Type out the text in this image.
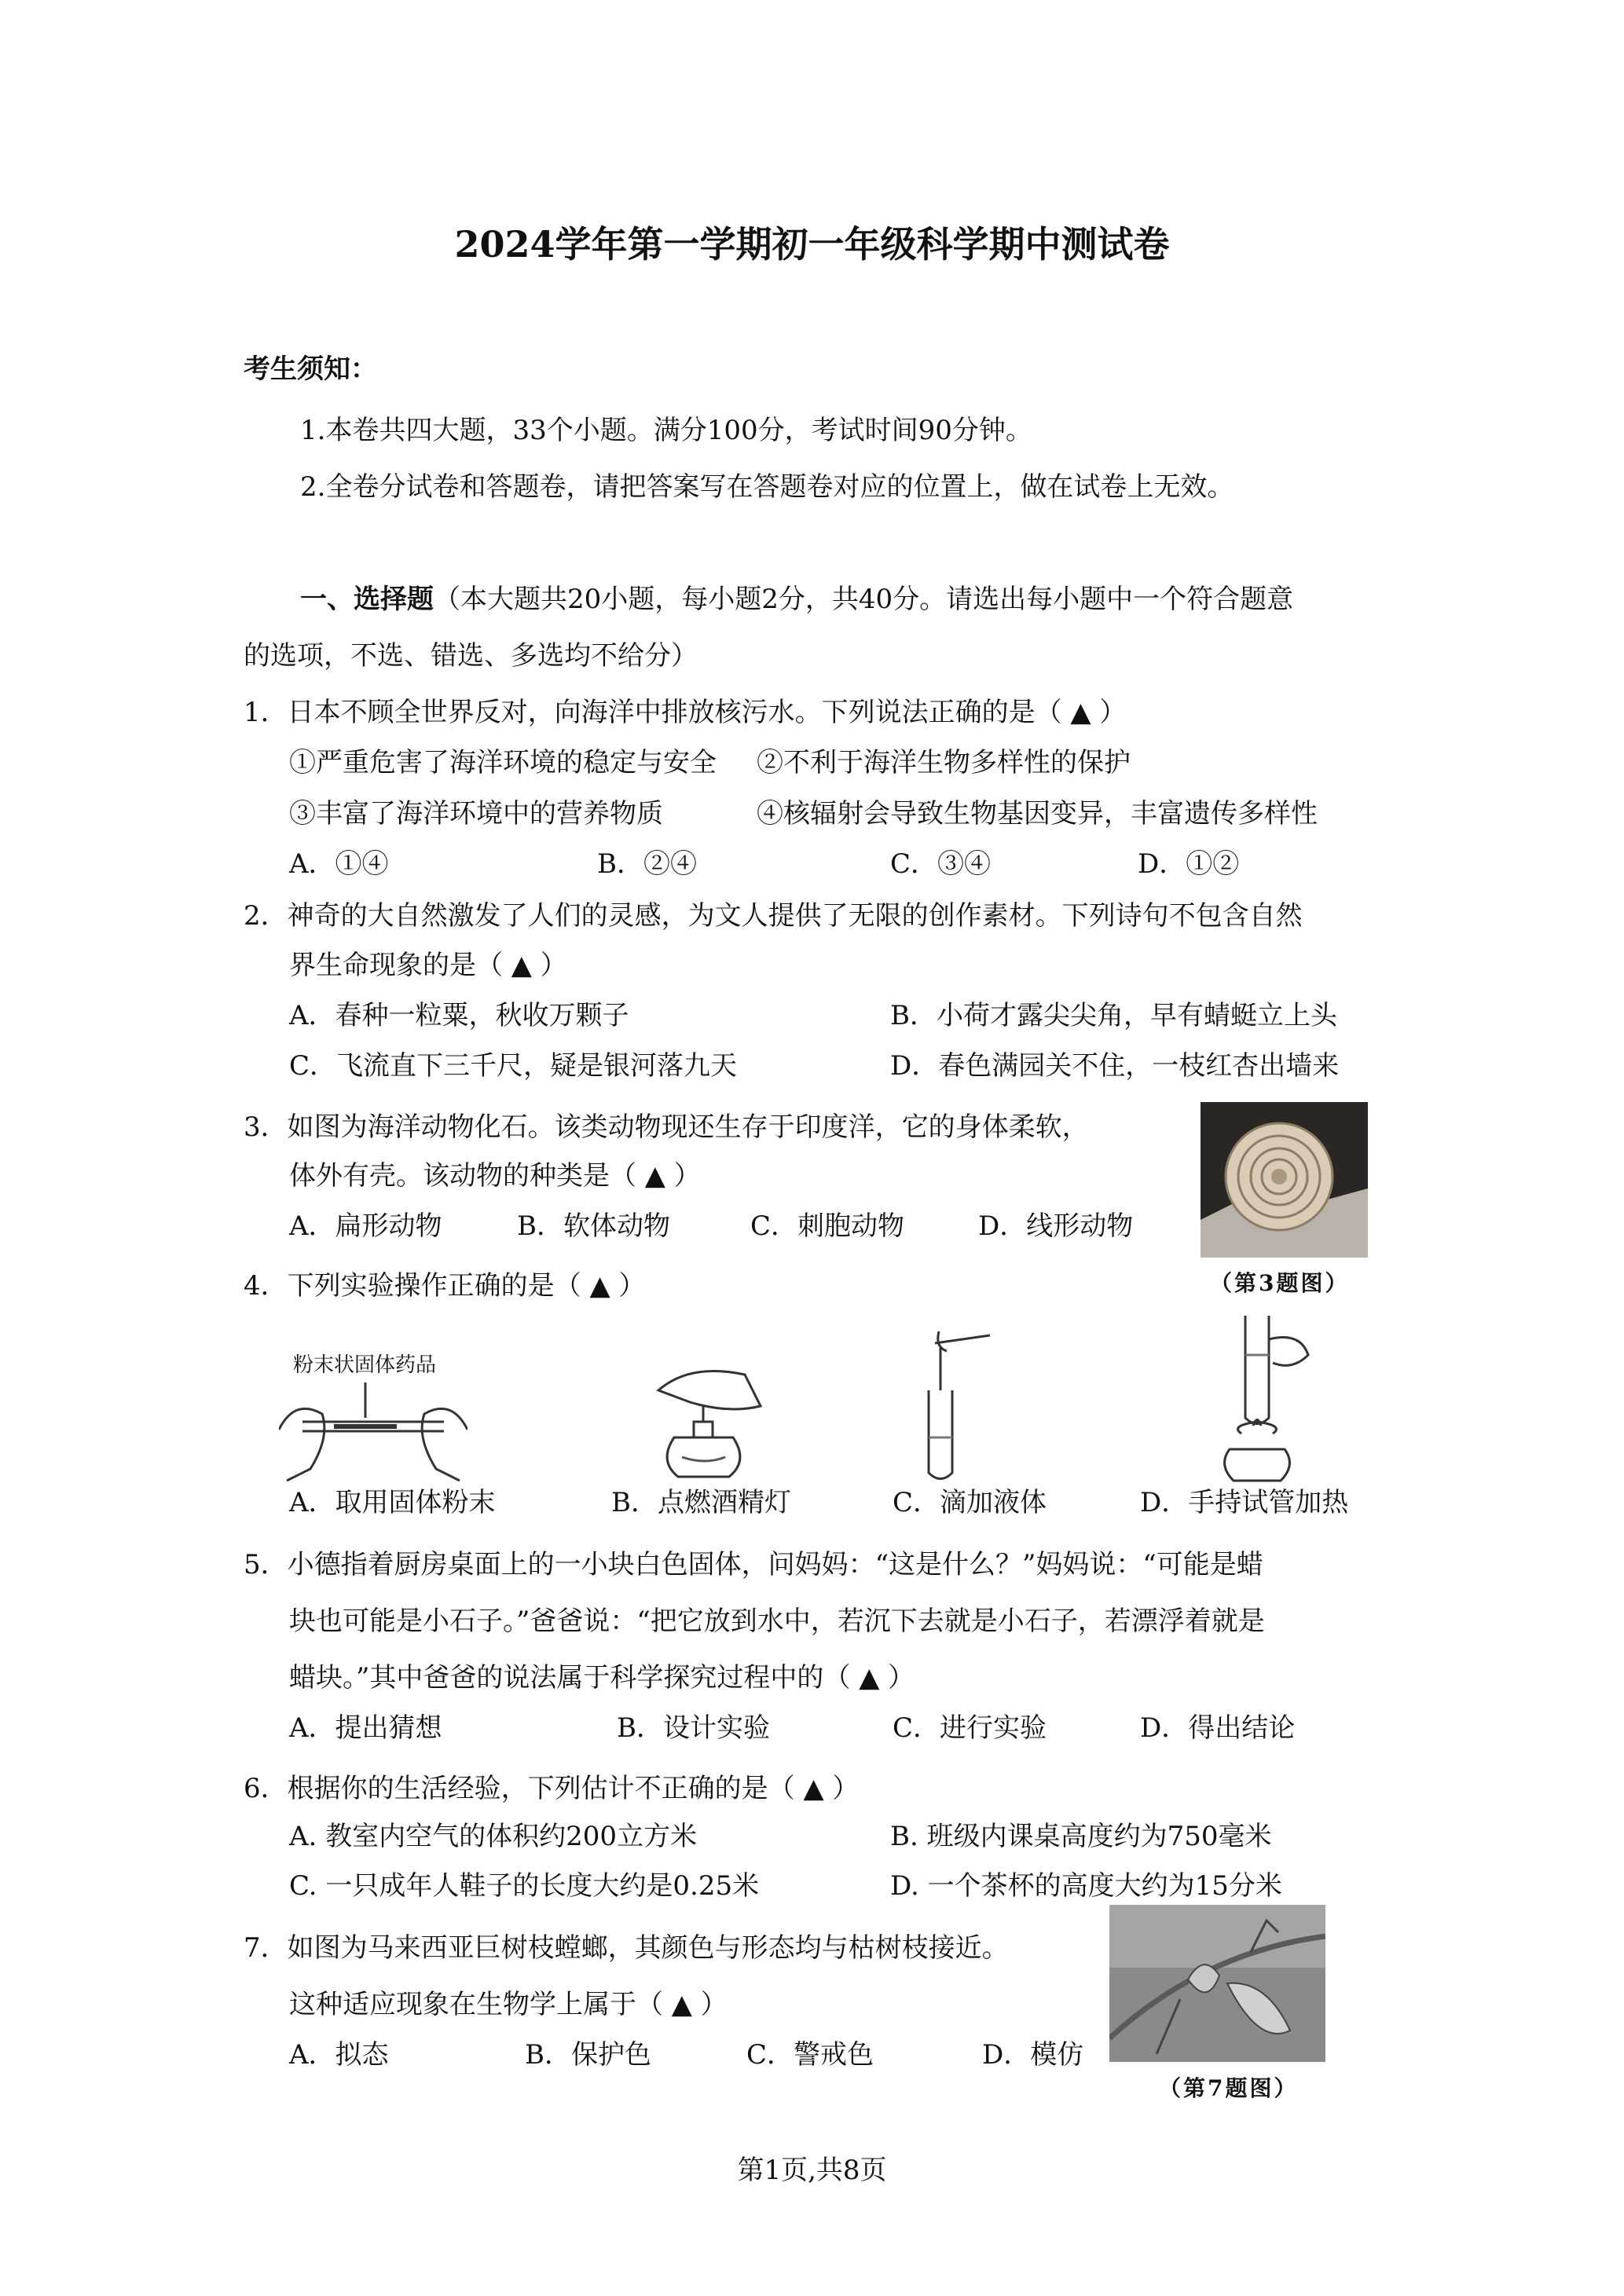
2024学年第一学期初一年级科学期中测试卷
考生须知：
1.本卷共四大题，33个小题。满分100分，考试时间90分钟。
2.全卷分试卷和答题卷，请把答案写在答题卷对应的位置上，做在试卷上无效。
一、选择题（本大题共20小题，每小题2分，共40分。请选出每小题中一个符合题意
的选项，不选、错选、多选均不给分）
1．日本不顾全世界反对，向海洋中排放核污水。下列说法正确的是（ ▲ ）
①严重危害了海洋环境的稳定与安全 ②不利于海洋生物多样性的保护
③丰富了海洋环境中的营养物质	④核辐射会导致生物基因变异，丰富遗传多样性
A．①④	B．②④	C．③④	D．①②
2．神奇的大自然激发了人们的灵感，为文人提供了无限的创作素材。下列诗句不包含自然
界生命现象的是（ ▲ ）
A．春种一粒粟，秋收万颗子	B．小荷才露尖尖角，早有蜻蜓立上头
C．飞流直下三千尺，疑是银河落九天	D．春色满园关不住，一枝红杏出墙来
3．如图为海洋动物化石。该类动物现还生存于印度洋，它的身体柔软，
体外有壳。该动物的种类是（ ▲ ）
A．扁形动物	B．软体动物	C．刺胞动物	D．线形动物
（第3题图）
4．下列实验操作正确的是（ ▲ ）
粉末状固体药品
A．取用固体粉末	B．点燃酒精灯	C．滴加液体	D．手持试管加热
5．小德指着厨房桌面上的一小块白色固体，问妈妈：“这是什么？”妈妈说：“可能是蜡
块也可能是小石子。”爸爸说：“把它放到水中，若沉下去就是小石子，若漂浮着就是
蜡块。”其中爸爸的说法属于科学探究过程中的（ ▲ ）
A．提出猜想	B．设计实验	C．进行实验	D．得出结论
6．根据你的生活经验，下列估计不正确的是（ ▲ ）
A. 教室内空气的体积约200立方米	B. 班级内课桌高度约为750毫米
C. 一只成年人鞋子的长度大约是0.25米	D. 一个茶杯的高度大约为15分米
7．如图为马来西亚巨树枝螳螂，其颜色与形态均与枯树枝接近。
这种适应现象在生物学上属于（ ▲ ）
A．拟态	B．保护色	C．警戒色	D．模仿
（第7题图）
第1页,共8页
